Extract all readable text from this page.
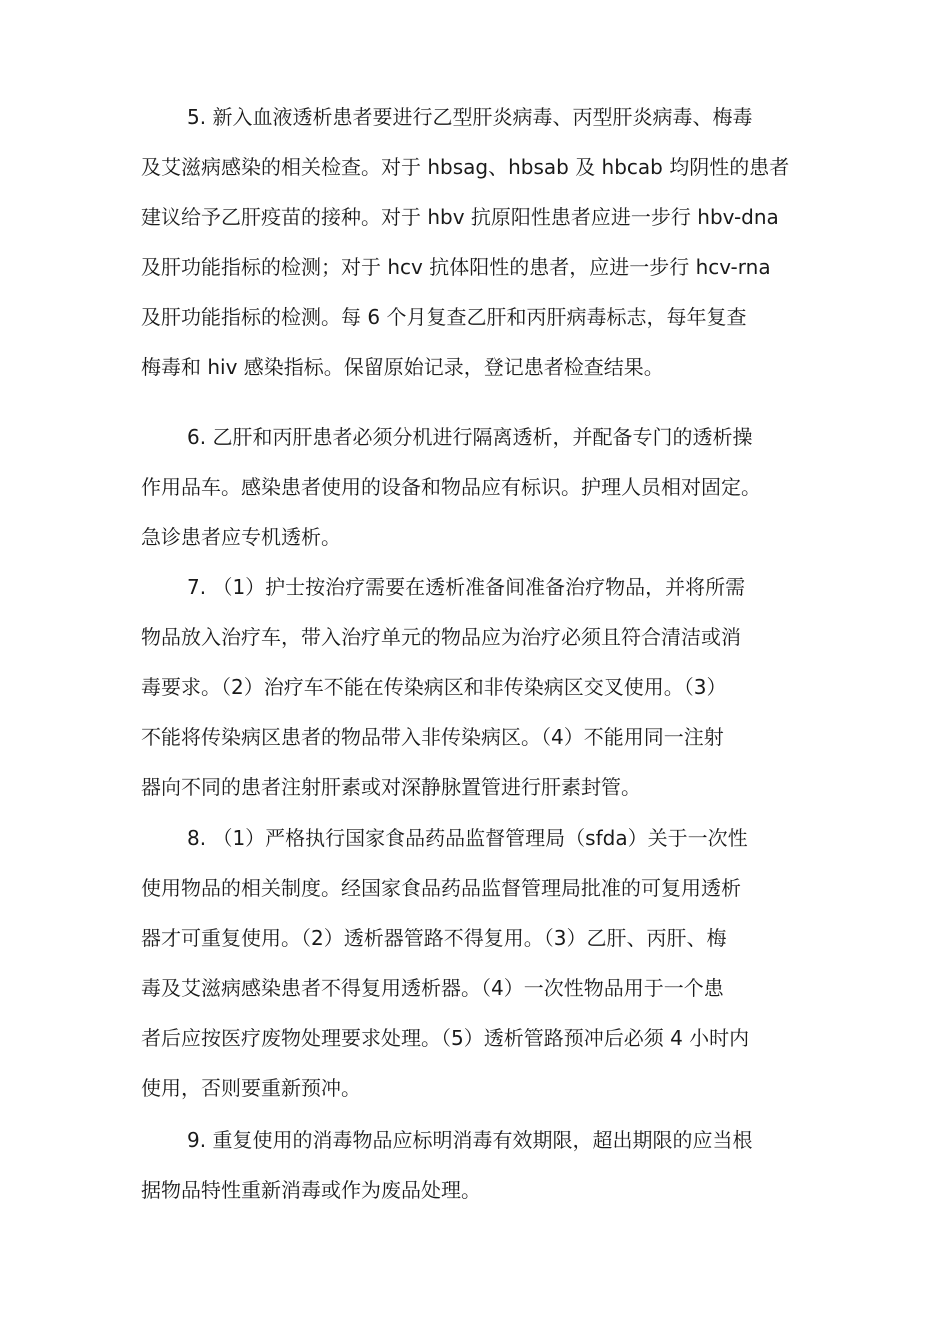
5. 新入血液透析患者要进行乙型肝炎病毒、丙型肝炎病毒、梅毒
及艾滋病感染的相关检查。对于 hbsag、hbsab 及 hbcab 均阴性的患者
建议给予乙肝疫苗的接种。对于 hbv 抗原阳性患者应进一步行 hbv-dna
及肝功能指标的检测；对于 hcv 抗体阳性的患者，应进一步行 hcv-rna
及肝功能指标的检测。每 6 个月复查乙肝和丙肝病毒标志，每年复查
梅毒和 hiv 感染指标。保留原始记录，登记患者检查结果。
6. 乙肝和丙肝患者必须分机进行隔离透析，并配备专门的透析操
作用品车。感染患者使用的设备和物品应有标识。护理人员相对固定。
急诊患者应专机透析。
7. （1）护士按治疗需要在透析准备间准备治疗物品，并将所需
物品放入治疗车，带入治疗单元的物品应为治疗必须且符合清洁或消
毒要求。（2）治疗车不能在传染病区和非传染病区交叉使用。（3）
不能将传染病区患者的物品带入非传染病区。（4）不能用同一注射
器向不同的患者注射肝素或对深静脉置管进行肝素封管。
8. （1）严格执行国家食品药品监督管理局（sfda）关于一次性
使用物品的相关制度。经国家食品药品监督管理局批准的可复用透析
器才可重复使用。（2）透析器管路不得复用。（3）乙肝、丙肝、梅
毒及艾滋病感染患者不得复用透析器。（4）一次性物品用于一个患
者后应按医疗废物处理要求处理。（5）透析管路预冲后必须 4 小时内
使用，否则要重新预冲。
9. 重复使用的消毒物品应标明消毒有效期限，超出期限的应当根
据物品特性重新消毒或作为废品处理。
